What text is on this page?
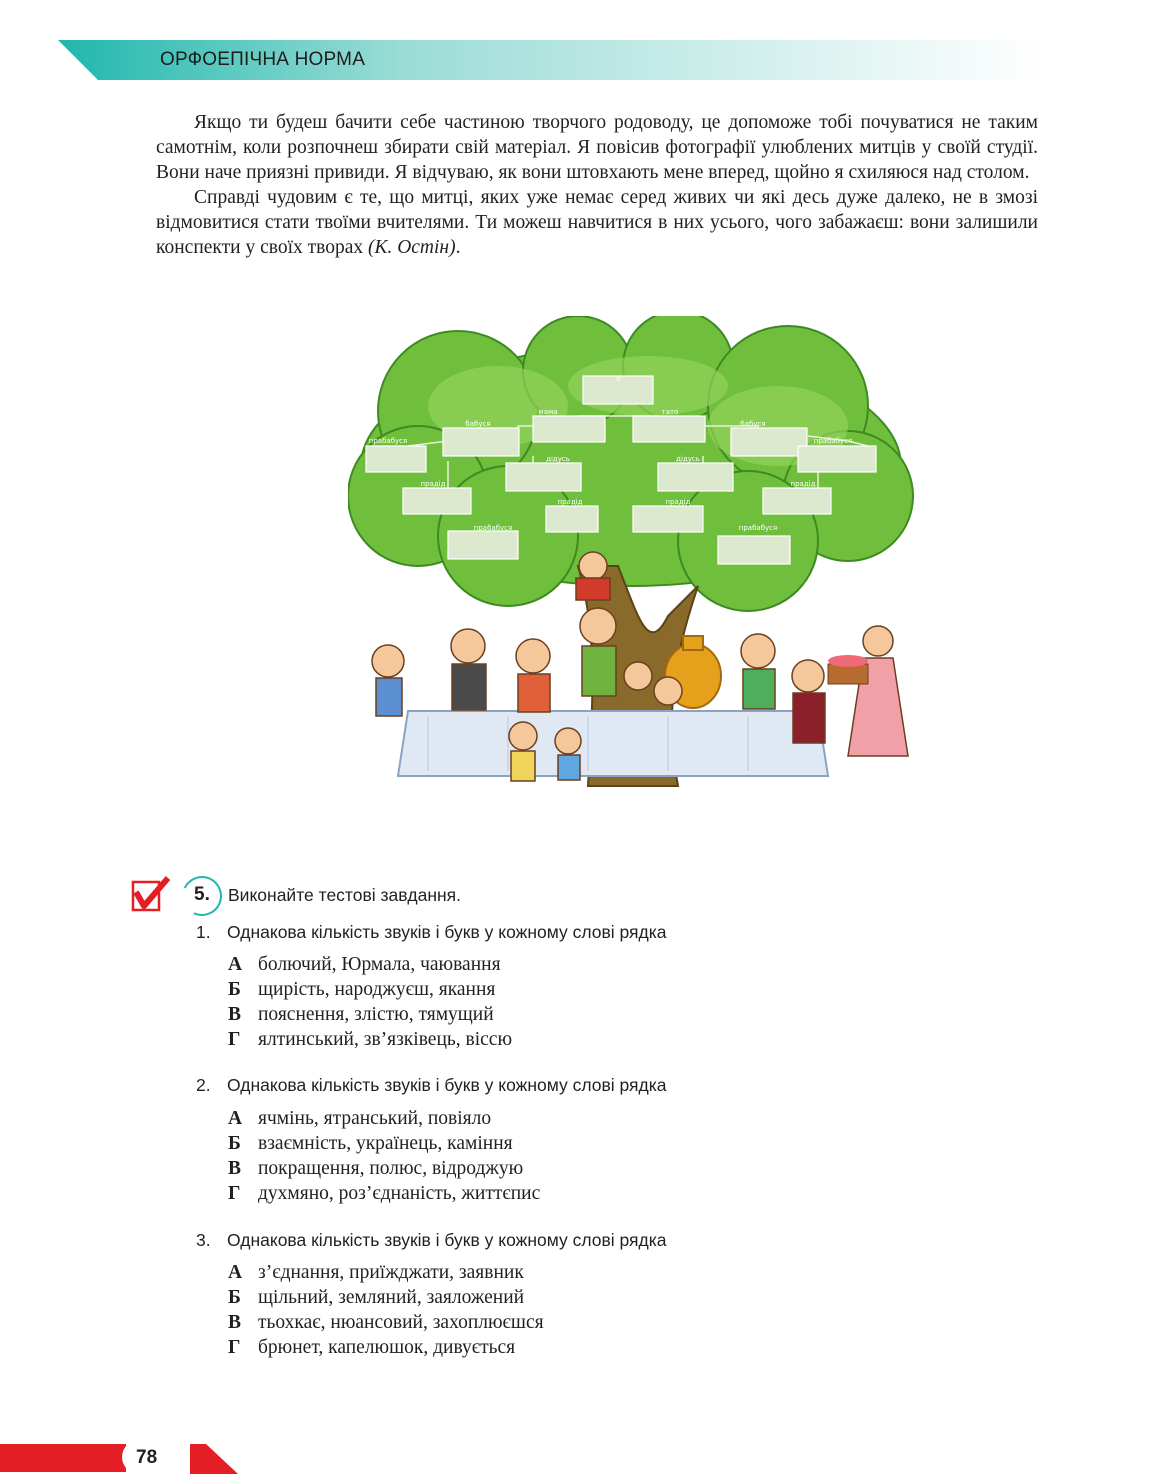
ОРФОЕПІЧНА НОРМА

Якщо ти будеш бачити себе частиною творчого родоводу, це допоможе тобі почуватися не таким самотнім, коли розпочнеш збирати свій матеріал. Я повісив фотографії улюблених митців у своїй студії. Вони наче приязні привиди. Я відчуваю, як вони штовхають мене вперед, щойно я схиляюся над столом.

Справді чудовим є те, що митці, яких уже немає серед живих чи які десь дуже далеко, не в змозі відмовитися стати твоїми вчителями. Ти можеш навчитися в них усього, чого забажаєш: вони залишили конспекти у своїх творах (К. Остін).

Я
мама	тато
бабуся	бабуся
прабабуся	прабабуся
дідусь	дідусь
прадід	прадід
прадід	прадід
прабабуся	прабабуся
5. Виконайте тестові завдання.
1. Однакова кількість звуків і букв у кожному слові рядка
А болючий, Юрмала, чаювання
Б щирість, народжуєш, якання
В пояснення, злістю, тямущий
Г ялтинський, зв’язківець, віссю
2. Однакова кількість звуків і букв у кожному слові рядка
А ячмінь, ятранський, повіяло
Б взаємність, українець, каміння
В покращення, полюс, відроджую
Г духмяно, роз’єднаність, життєпис
3. Однакова кількість звуків і букв у кожному слові рядка
А з’єднання, приїжджати, заявник
Б щільний, земляний, заяложений
В тьохкає, нюансовий, захоплюєшся
Г брюнет, капелюшок, дивується
78
